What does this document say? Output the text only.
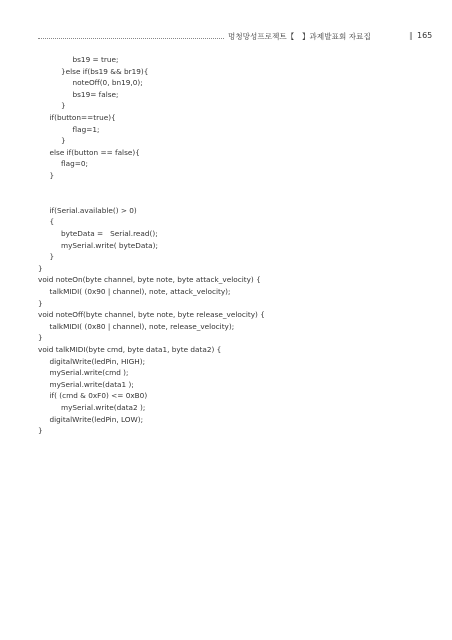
멍청망성프로젝트【　】과제발표회 자료집	‖ 165
bs19 = true;
}else if(bs19 && br19){
noteOff(0, bn19,0);
bs19= false;
}
if(button==true){
flag=1;
}
else if(button == false){
flag=0;
}
if(Serial.available() > 0)
{
byteData =   Serial.read();
mySerial.write( byteData);
}
}
void noteOn(byte channel, byte note, byte attack_velocity) {
talkMIDI( (0x90 | channel), note, attack_velocity);
}
void noteOff(byte channel, byte note, byte release_velocity) {
talkMIDI( (0x80 | channel), note, release_velocity);
}
void talkMIDI(byte cmd, byte data1, byte data2) {
digitalWrite(ledPin, HIGH);
mySerial.write(cmd );
mySerial.write(data1 );
if( (cmd & 0xF0) <= 0xB0)
mySerial.write(data2 );
digitalWrite(ledPin, LOW);
}
